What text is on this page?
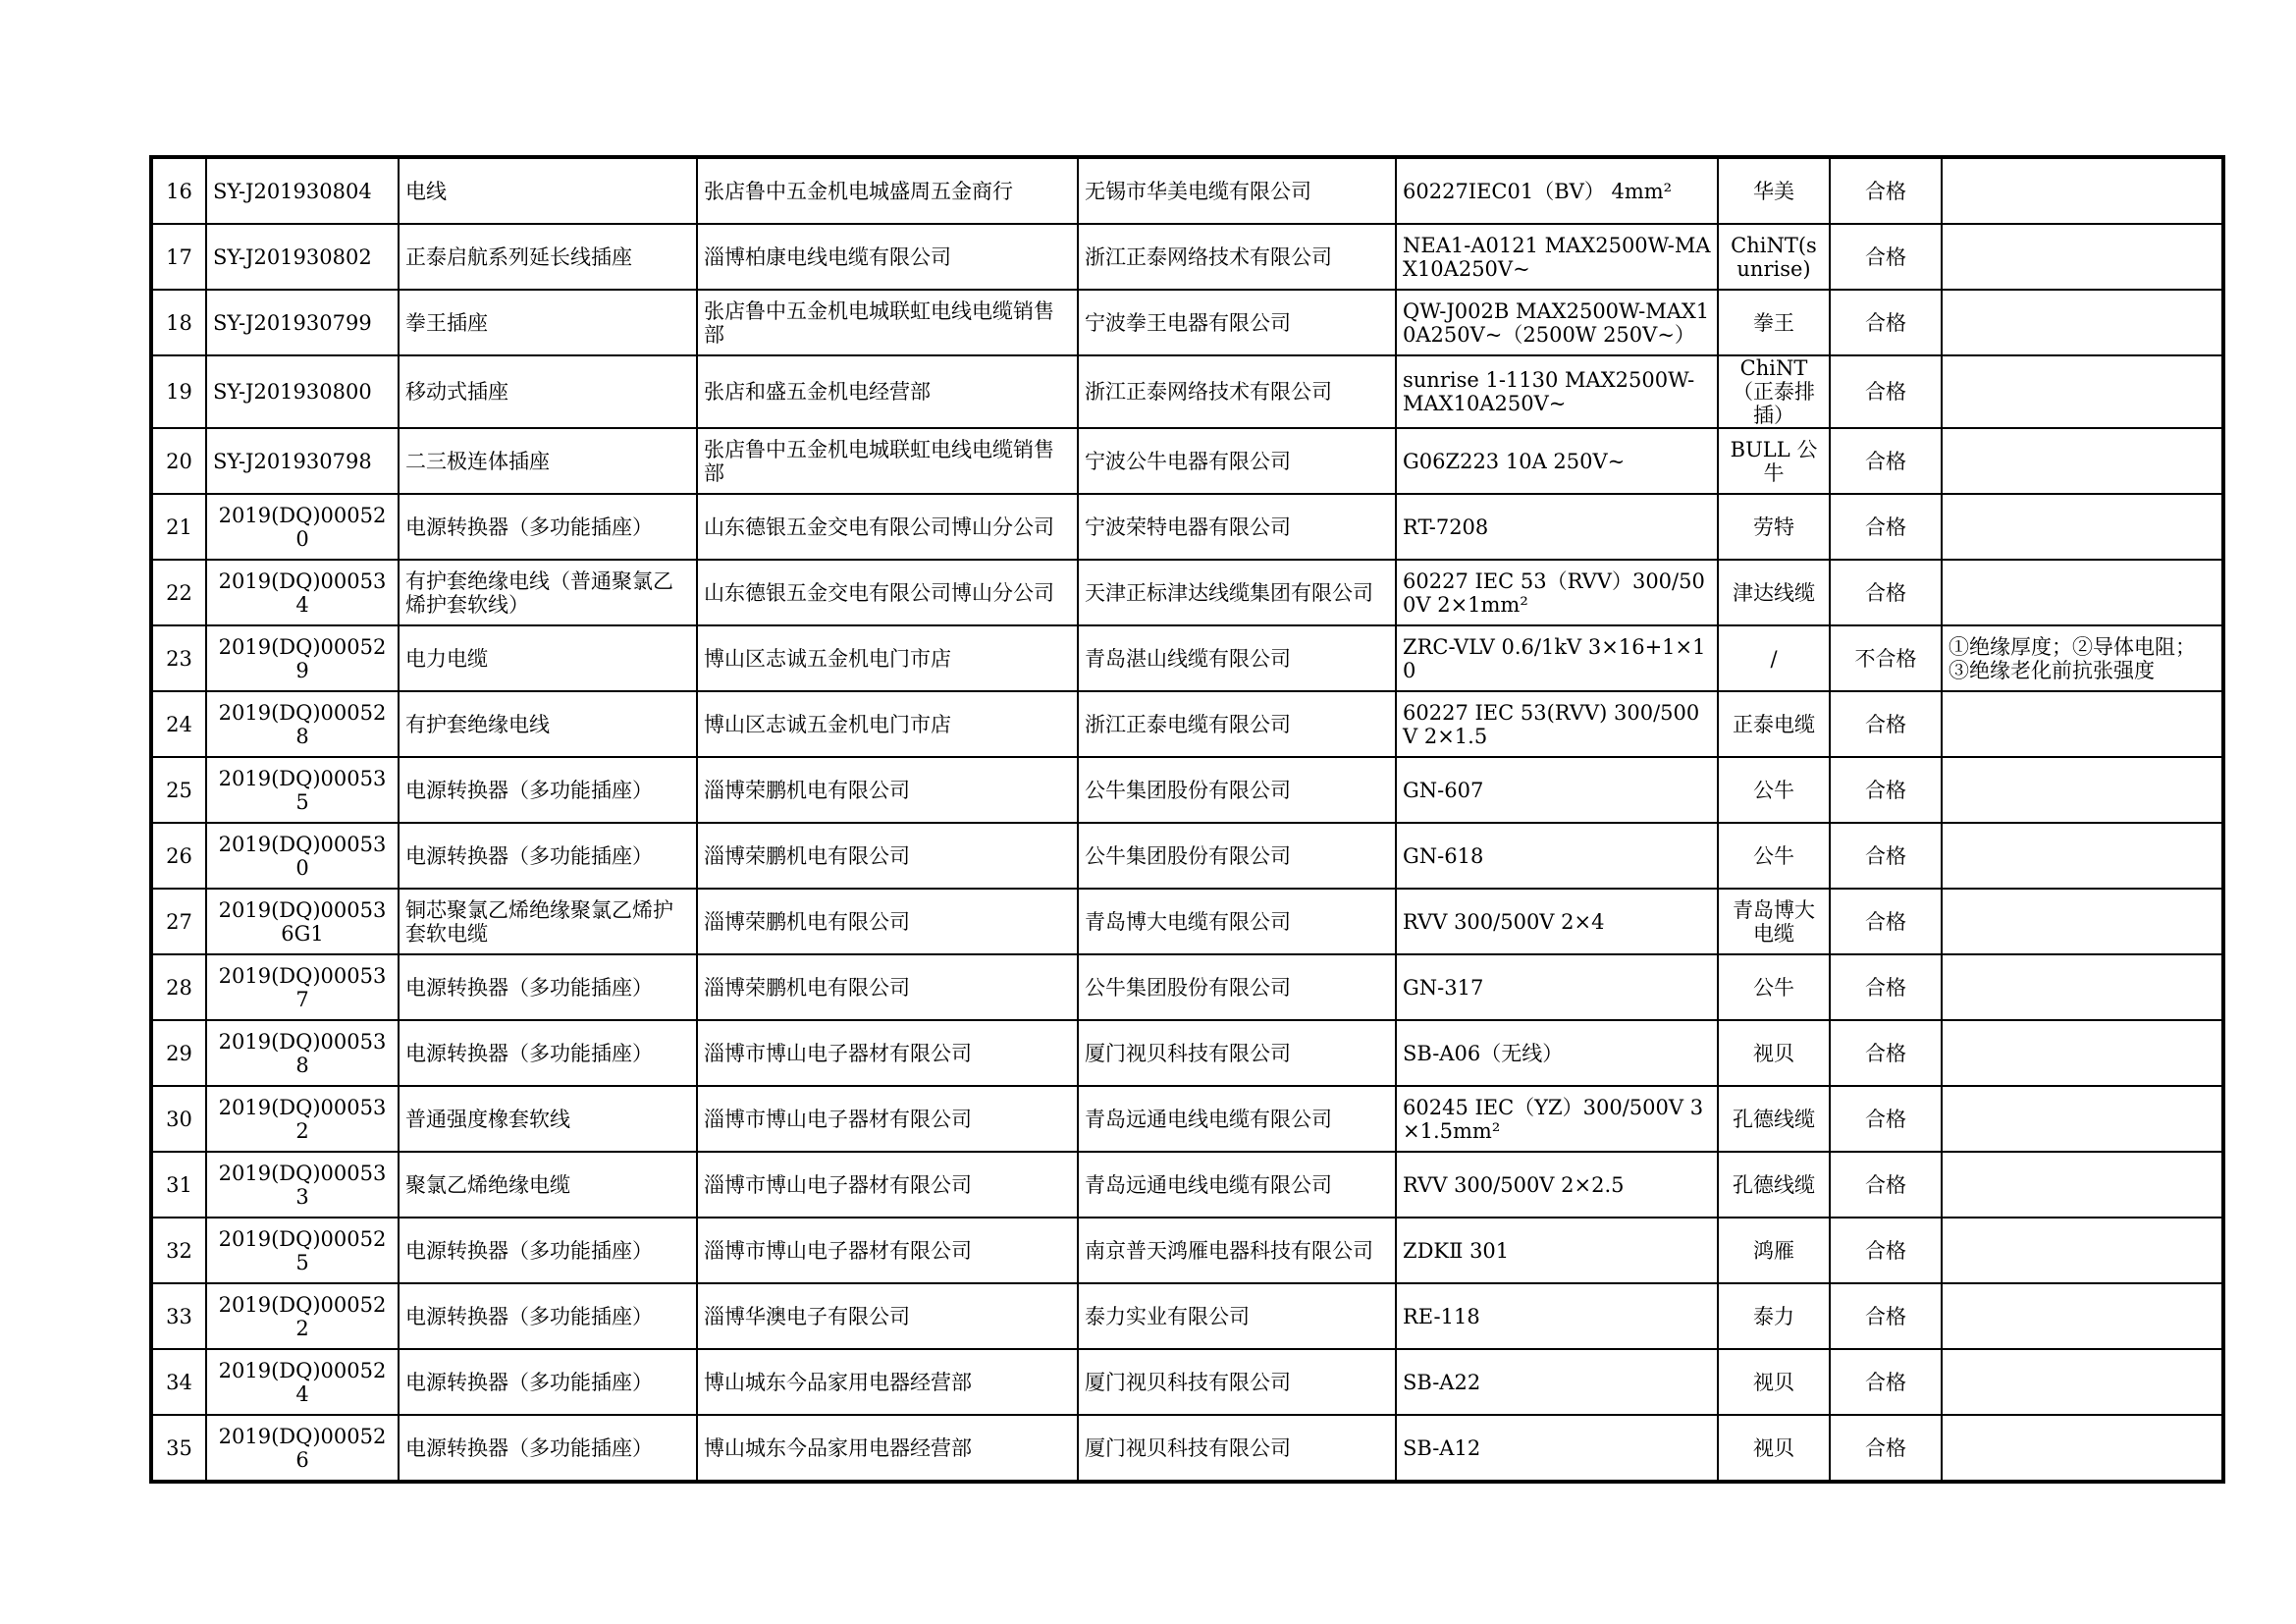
16	SY-J201930804	电线	张店鲁中五金机电城盛周五金商行	无锡市华美电缆有限公司	60227IEC01（BV） 4mm²	华美	合格	
17	SY-J201930802	正泰启航系列延长线插座	淄博柏康电线电缆有限公司	浙江正泰网络技术有限公司	NEA1-A0121 MAX2500W-MAX10A250V~	ChiNT(sunrise)	合格	
18	SY-J201930799	拳王插座	张店鲁中五金机电城联虹电线电缆销售部	宁波拳王电器有限公司	QW-J002B MAX2500W-MAX10A250V~（2500W 250V~）	拳王	合格	
19	SY-J201930800	移动式插座	张店和盛五金机电经营部	浙江正泰网络技术有限公司	sunrise 1-1130 MAX2500W-MAX10A250V~	ChiNT（正泰排插）	合格	
20	SY-J201930798	二三极连体插座	张店鲁中五金机电城联虹电线电缆销售部	宁波公牛电器有限公司	G06Z223 10A 250V~	BULL 公牛	合格	
21	2019(DQ)000520	电源转换器（多功能插座）	山东德银五金交电有限公司博山分公司	宁波荣特电器有限公司	RT-7208	劳特	合格	
22	2019(DQ)000534	有护套绝缘电线（普通聚氯乙烯护套软线）	山东德银五金交电有限公司博山分公司	天津正标津达线缆集团有限公司	60227 IEC 53（RVV）300/500V 2×1mm²	津达线缆	合格	
23	2019(DQ)000529	电力电缆	博山区志诚五金机电门市店	青岛湛山线缆有限公司	ZRC-VLV 0.6/1kV 3×16+1×10	/	不合格	①绝缘厚度；②导体电阻；③绝缘老化前抗张强度
24	2019(DQ)000528	有护套绝缘电线	博山区志诚五金机电门市店	浙江正泰电缆有限公司	60227 IEC 53(RVV) 300/500V 2×1.5	正泰电缆	合格	
25	2019(DQ)000535	电源转换器（多功能插座）	淄博荣鹏机电有限公司	公牛集团股份有限公司	GN-607	公牛	合格	
26	2019(DQ)000530	电源转换器（多功能插座）	淄博荣鹏机电有限公司	公牛集团股份有限公司	GN-618	公牛	合格	
27	2019(DQ)000536G1	铜芯聚氯乙烯绝缘聚氯乙烯护套软电缆	淄博荣鹏机电有限公司	青岛博大电缆有限公司	RVV 300/500V 2×4	青岛博大电缆	合格	
28	2019(DQ)000537	电源转换器（多功能插座）	淄博荣鹏机电有限公司	公牛集团股份有限公司	GN-317	公牛	合格	
29	2019(DQ)000538	电源转换器（多功能插座）	淄博市博山电子器材有限公司	厦门视贝科技有限公司	SB-A06（无线）	视贝	合格	
30	2019(DQ)000532	普通强度橡套软线	淄博市博山电子器材有限公司	青岛远通电线电缆有限公司	60245 IEC（YZ）300/500V 3×1.5mm²	孔德线缆	合格	
31	2019(DQ)000533	聚氯乙烯绝缘电缆	淄博市博山电子器材有限公司	青岛远通电线电缆有限公司	RVV 300/500V 2×2.5	孔德线缆	合格	
32	2019(DQ)000525	电源转换器（多功能插座）	淄博市博山电子器材有限公司	南京普天鸿雁电器科技有限公司	ZDKⅡ 301	鸿雁	合格	
33	2019(DQ)000522	电源转换器（多功能插座）	淄博华澳电子有限公司	泰力实业有限公司	RE-118	泰力	合格	
34	2019(DQ)000524	电源转换器（多功能插座）	博山城东今品家用电器经营部	厦门视贝科技有限公司	SB-A22	视贝	合格	
35	2019(DQ)000526	电源转换器（多功能插座）	博山城东今品家用电器经营部	厦门视贝科技有限公司	SB-A12	视贝	合格	
